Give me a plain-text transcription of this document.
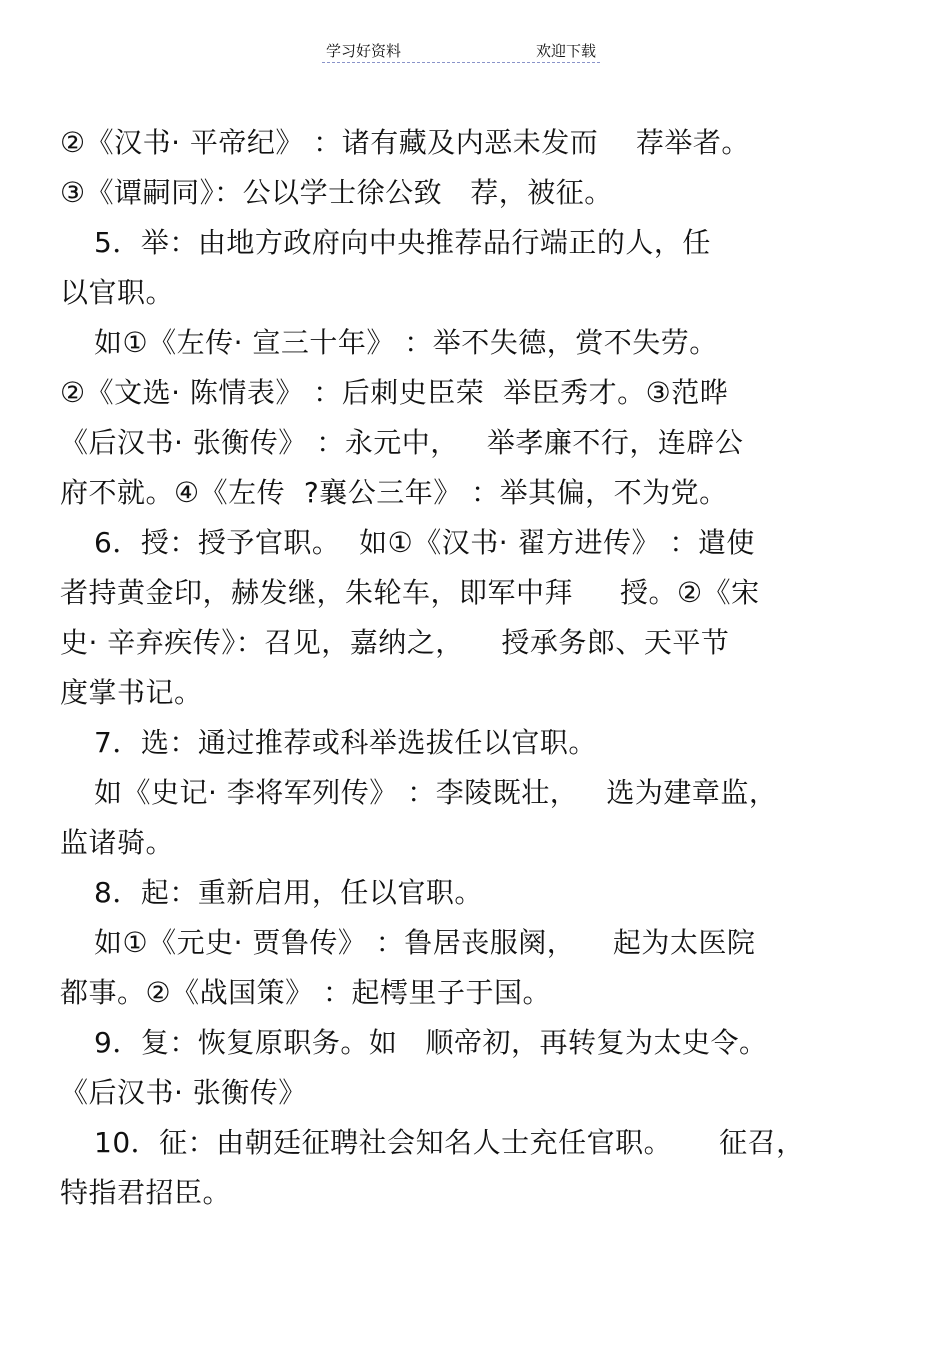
学习好资料	欢迎下载
②《汉书· 平帝纪》 ：诸有藏及内恶未发而    荐举者。
③《谭嗣同》：公以学士徐公致   荐，被征。
5．举：由地方政府向中央推荐品行端正的人，任
以官职。
如①《左传· 宣三十年》 ：举不失德，赏不失劳。
②《文选· 陈情表》 ：后刺史臣荣  举臣秀才。③范晔
《后汉书· 张衡传》 ：永元中，   举孝廉不行，连辟公
府不就。④《左传  ?襄公三年》 ：举其偏，不为党。
6．授：授予官职。  如①《汉书· 翟方进传》 ：遣使
者持黄金印，赫发继，朱轮车，即军中拜     授。②《宋
史· 辛弃疾传》：召见，嘉纳之，    授承务郎、天平节
度掌书记。
7．选：通过推荐或科举选拔任以官职。
如《史记· 李将军列传》 ：李陵既壮，   选为建章监，
监诸骑。
8．起：重新启用，任以官职。
如①《元史· 贾鲁传》 ：鲁居丧服阕，    起为太医院
都事。②《战国策》 ：起樗里子于国。
9．复：恢复原职务。如   顺帝初，再转复为太史令。
《后汉书· 张衡传》
10．征：由朝廷征聘社会知名人士充任官职。     征召，
特指君招臣。
